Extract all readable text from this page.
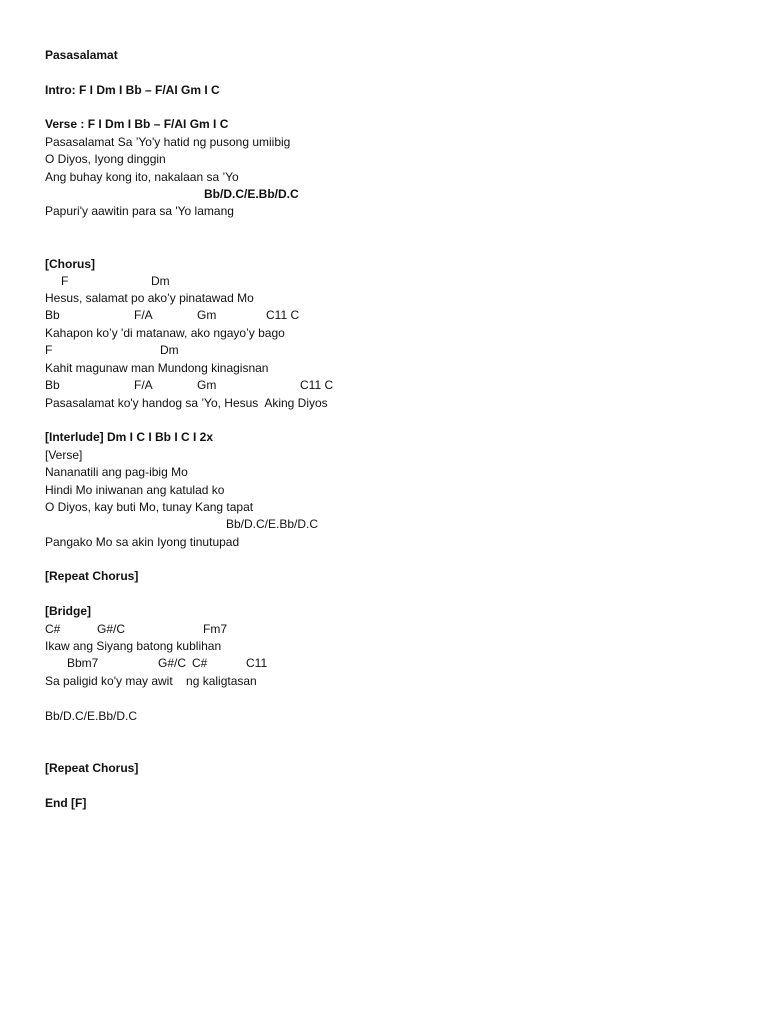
Pasasalamat
Intro: F I Dm I Bb – F/AI Gm I C
Verse : F I Dm I Bb – F/AI Gm I C
Pasasalamat Sa ’Yo'y hatid ng pusong umiibig
O Diyos, Iyong dinggin
Ang buhay kong ito, nakalaan sa ’Yo
Bb/D.C/E.Bb/D.C
Papuri'y aawitin para sa 'Yo lamang
[Chorus]
F	Dm
Hesus, salamat po ako’y pinatawad Mo
Bb	F/A	Gm	C11 C
Kahapon ko’y 'di matanaw, ako ngayo’y bago
F	Dm
Kahit magunaw man Mundong kinagisnan
Bb	F/A	Gm	C11 C
Pasasalamat ko'y handog sa ’Yo, Hesus  Aking Diyos
[Interlude] Dm I C I Bb I C I 2x
[Verse]
Nananatili ang pag-ibig Mo
Hindi Mo iniwanan ang katulad ko
O Diyos, kay buti Mo, tunay Kang tapat
Bb/D.C/E.Bb/D.C
Pangako Mo sa akin Iyong tinutupad
[Repeat Chorus]
[Bridge]
C#	G#/C	Fm7
Ikaw ang Siyang batong kublihan
Bbm7	G#/C C#	C11
Sa paligid ko'y may awit    ng kaligtasan
Bb/D.C/E.Bb/D.C
[Repeat Chorus]
End [F]
